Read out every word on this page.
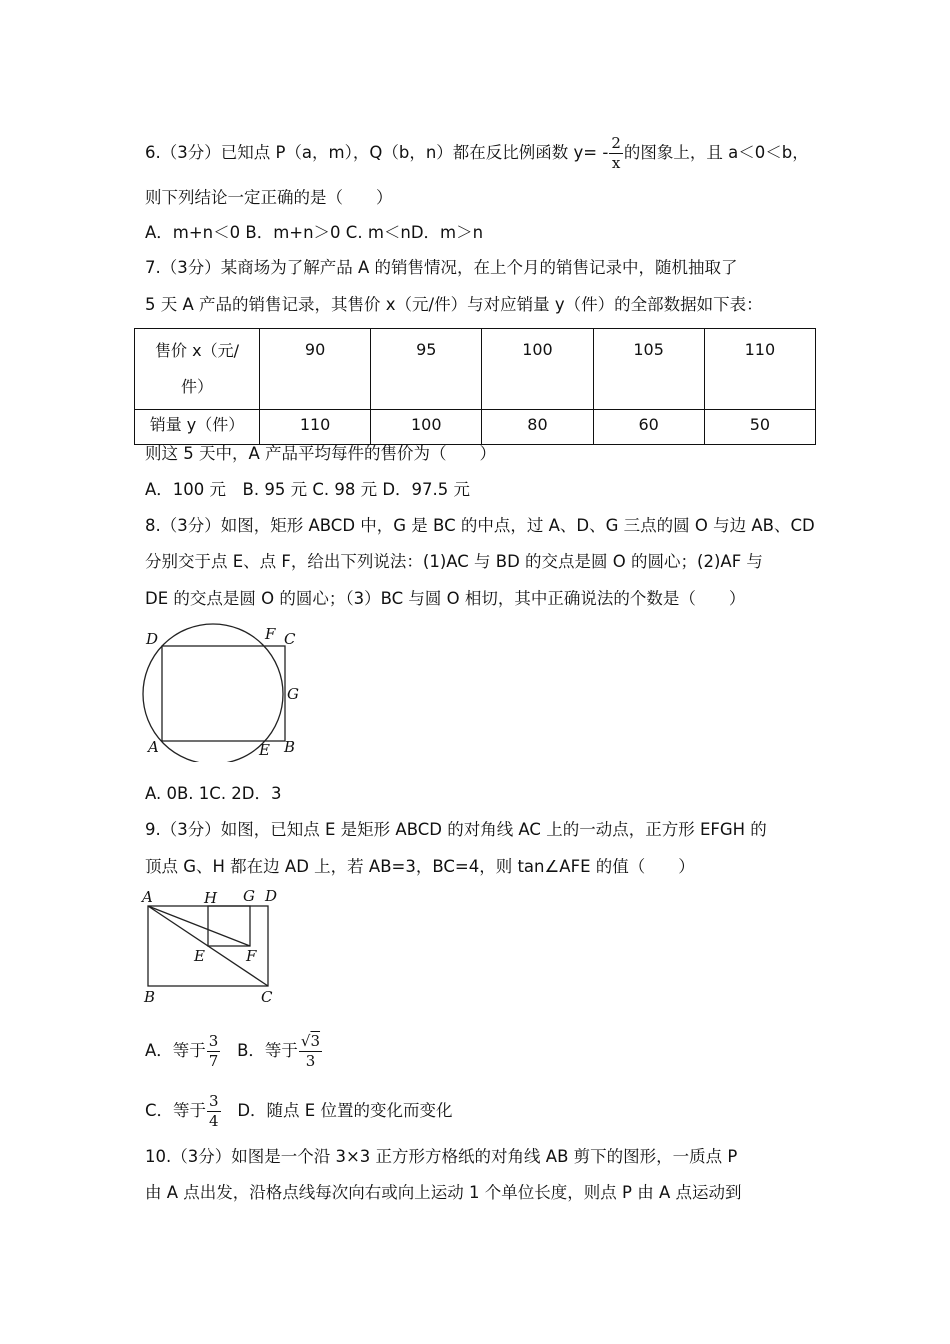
6.（3分）已知点 P（a，m），Q（b，n）都在反比例函数 $y= - \frac{2}{x}$ 的图象上，且 a＜0＜b，
则下列结论一定正确的是（　　）
A．m+n＜0 B．m+n＞0 C. m＜nD．m＞n
7.（3分）某商场为了解产品 A 的销售情况，在上个月的销售记录中，随机抽取了
5 天 A 产品的销售记录，其售价 x（元/件）与对应销量 y（件）的全部数据如下表：
售价 x（元/
件）	90	95	100	105	110
销量 y（件）	110	100	80	60	50
则这 5 天中，A 产品平均每件的售价为（　　）
A．100 元　B. 95 元 C. 98 元 D．97.5 元
8.（3分）如图，矩形 ABCD 中，G 是 BC 的中点，过 A、D、G 三点的圆 O 与边 AB、CD
分别交于点 E、点 F，给出下列说法：(1)AC 与 BD 的交点是圆 O 的圆心；(2)AF 与
DE 的交点是圆 O 的圆心；（3）BC 与圆 O 相切，其中正确说法的个数是（　　）
D	F C
G
A	E B
A. 0B. 1C. 2D．3
9.（3分）如图，已知点 E 是矩形 ABCD 的对角线 AC 上的一动点，正方形 EFGH 的
顶点 G、H 都在边 AD 上，若 AB=3，BC=4，则 tan∠AFE 的值（　　）
A	H G D
E	F
B	C
A．等于 $\frac{3}{7}$ B．等于 $\frac{√3}{3}$
C．等于 $\frac{3}{4}$ D．随点 E 位置的变化而变化
10.（3分）如图是一个沿 3×3 正方形方格纸的对角线 AB 剪下的图形，一质点 P
由 A 点出发，沿格点线每次向右或向上运动 1 个单位长度，则点 P 由 A 点运动到
